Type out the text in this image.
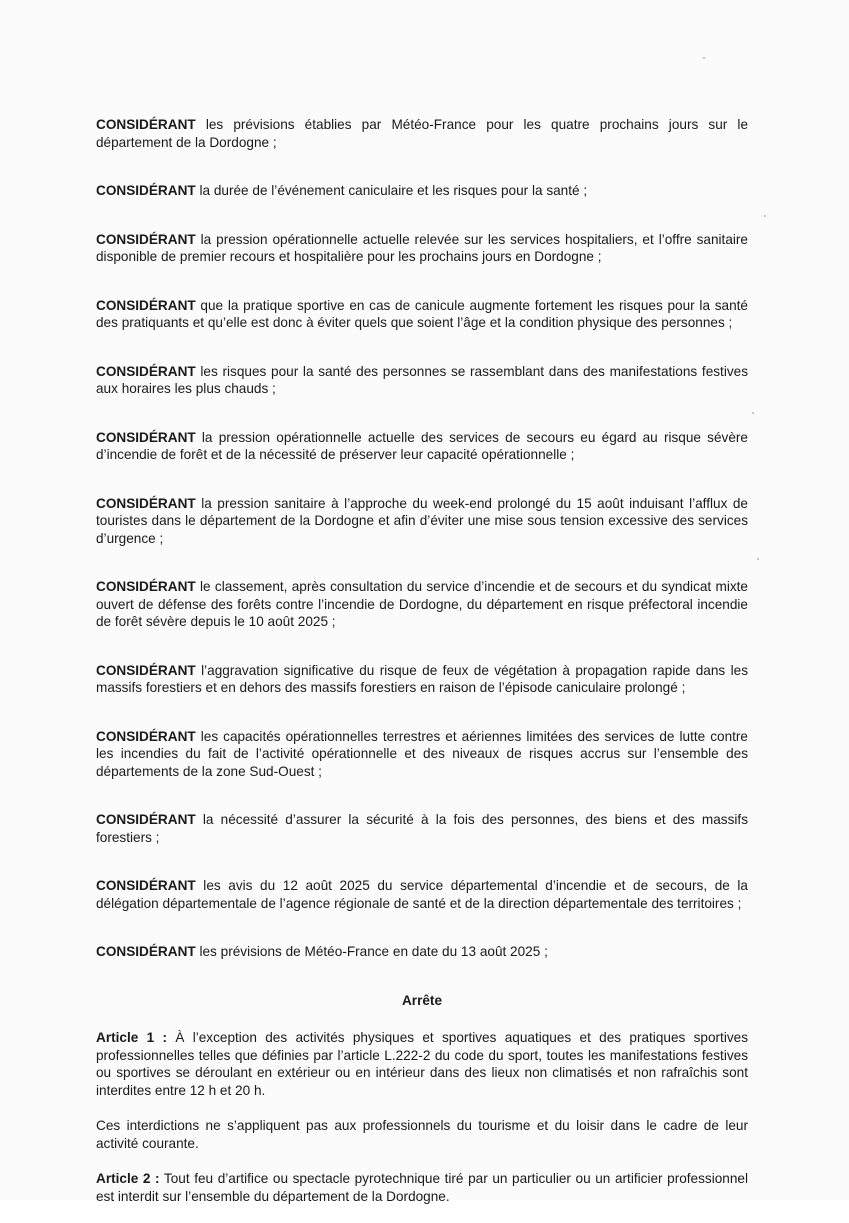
CONSIDÉRANT les prévisions établies par Météo-France pour les quatre prochains jours sur le département de la Dordogne ;

CONSIDÉRANT la durée de l’événement caniculaire et les risques pour la santé ;

CONSIDÉRANT la pression opérationnelle actuelle relevée sur les services hospitaliers, et l’offre sanitaire disponible de premier recours et hospitalière pour les prochains jours en Dordogne ;

CONSIDÉRANT que la pratique sportive en cas de canicule augmente fortement les risques pour la santé des pratiquants et qu’elle est donc à éviter quels que soient l’âge et la condition physique des personnes ;

CONSIDÉRANT les risques pour la santé des personnes se rassemblant dans des manifestations festives aux horaires les plus chauds ;

CONSIDÉRANT la pression opérationnelle actuelle des services de secours eu égard au risque sévère d’incendie de forêt et de la nécessité de préserver leur capacité opérationnelle ;

CONSIDÉRANT la pression sanitaire à l’approche du week-end prolongé du 15 août induisant l’afflux de touristes dans le département de la Dordogne et afin d’éviter une mise sous tension excessive des services d’urgence ;

CONSIDÉRANT le classement, après consultation du service d’incendie et de secours et du syndicat mixte ouvert de défense des forêts contre l’incendie de Dordogne, du département en risque préfectoral incendie de forêt sévère depuis le 10 août 2025 ;

CONSIDÉRANT l’aggravation significative du risque de feux de végétation à propagation rapide dans les massifs forestiers et en dehors des massifs forestiers en raison de l’épisode caniculaire prolongé ;

CONSIDÉRANT les capacités opérationnelles terrestres et aériennes limitées des services de lutte contre les incendies du fait de l’activité opérationnelle et des niveaux de risques accrus sur l’ensemble des départements de la zone Sud-Ouest ;

CONSIDÉRANT la nécessité d’assurer la sécurité à la fois des personnes, des biens et des massifs forestiers ;

CONSIDÉRANT les avis du 12 août 2025 du service départemental d’incendie et de secours, de la délégation départementale de l’agence régionale de santé et de la direction départementale des territoires ;

CONSIDÉRANT les prévisions de Météo-France en date du 13 août 2025 ;

Arrête

Article 1 : À l’exception des activités physiques et sportives aquatiques et des pratiques sportives professionnelles telles que définies par l’article L.222-2 du code du sport, toutes les manifestations festives ou sportives se déroulant en extérieur ou en intérieur dans des lieux non climatisés et non rafraîchis sont interdites entre 12 h et 20 h.

Ces interdictions ne s’appliquent pas aux professionnels du tourisme et du loisir dans le cadre de leur activité courante.

Article 2 : Tout feu d’artifice ou spectacle pyrotechnique tiré par un particulier ou un artificier professionnel est interdit sur l’ensemble du département de la Dordogne.
